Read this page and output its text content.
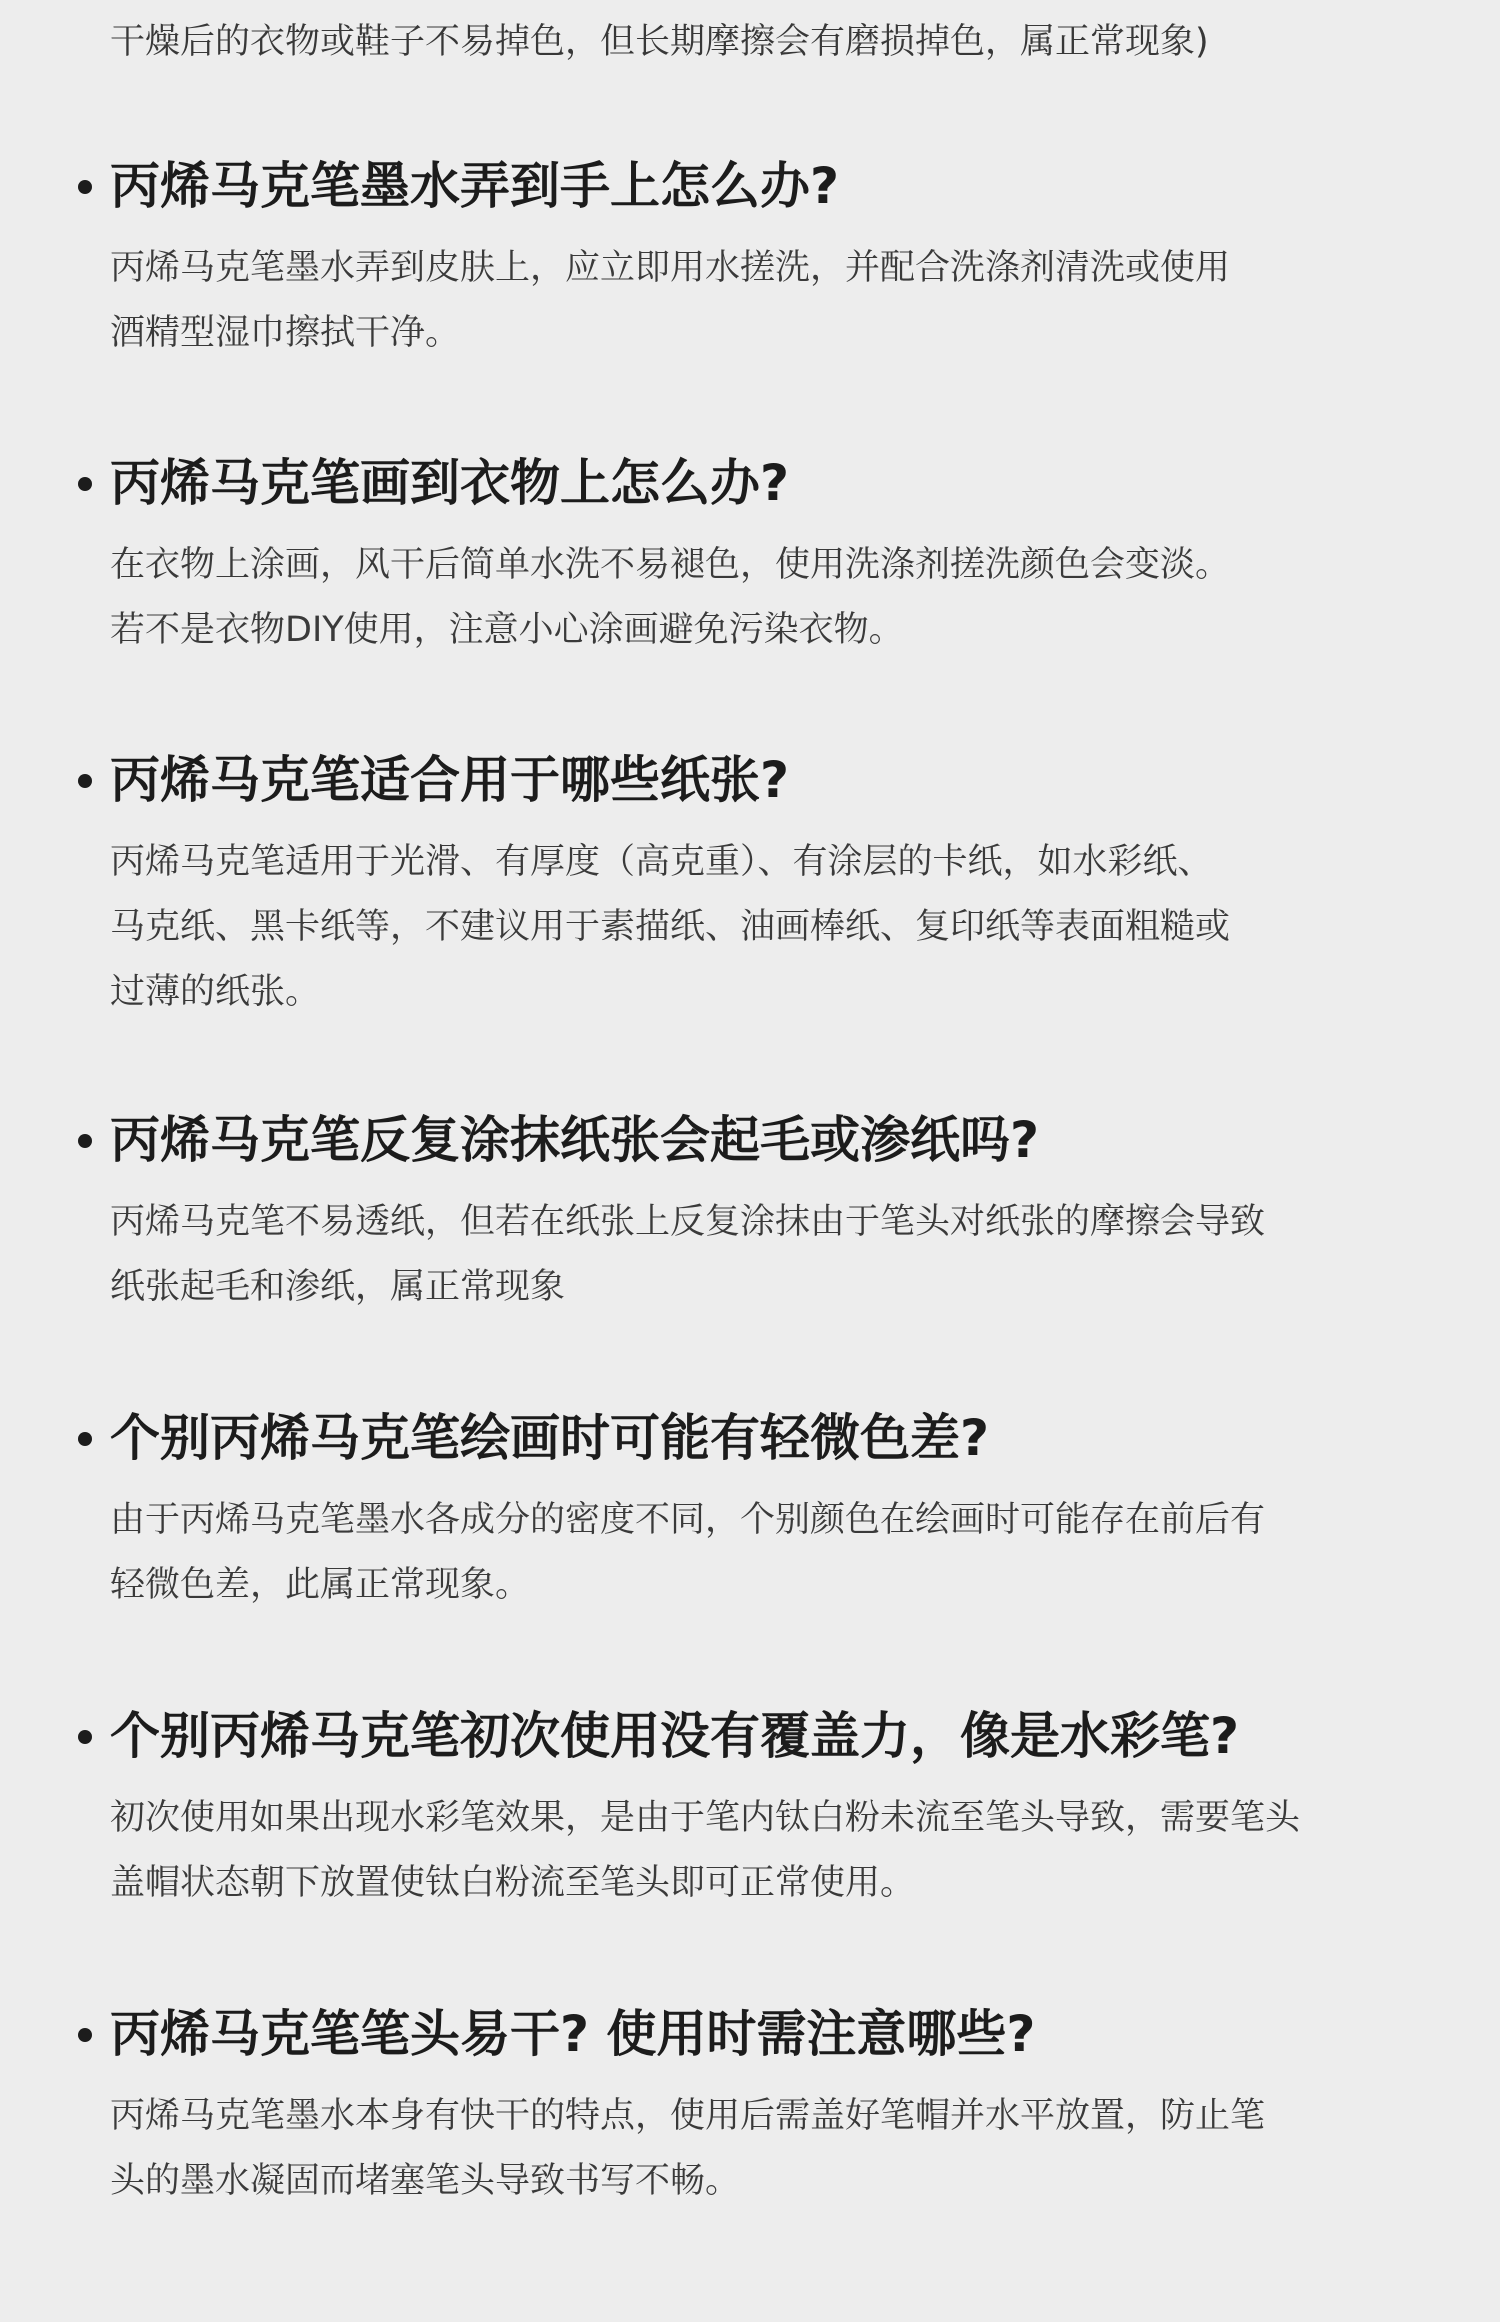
干燥后的衣物或鞋子不易掉色，但长期摩擦会有磨损掉色，属正常现象)
丙烯马克笔墨水弄到手上怎么办?
丙烯马克笔墨水弄到皮肤上，应立即用水搓洗，并配合洗涤剂清洗或使用
酒精型湿巾擦拭干净。
丙烯马克笔画到衣物上怎么办?
在衣物上涂画，风干后简单水洗不易褪色，使用洗涤剂搓洗颜色会变淡。
若不是衣物DIY使用，注意小心涂画避免污染衣物。
丙烯马克笔适合用于哪些纸张?
丙烯马克笔适用于光滑、有厚度（高克重）、有涂层的卡纸，如水彩纸、
马克纸、黑卡纸等，不建议用于素描纸、油画棒纸、复印纸等表面粗糙或
过薄的纸张。
丙烯马克笔反复涂抹纸张会起毛或渗纸吗?
丙烯马克笔不易透纸，但若在纸张上反复涂抹由于笔头对纸张的摩擦会导致
纸张起毛和渗纸，属正常现象
个别丙烯马克笔绘画时可能有轻微色差?
由于丙烯马克笔墨水各成分的密度不同，个别颜色在绘画时可能存在前后有
轻微色差，此属正常现象。
个别丙烯马克笔初次使用没有覆盖力，像是水彩笔?
初次使用如果出现水彩笔效果，是由于笔内钛白粉未流至笔头导致，需要笔头
盖帽状态朝下放置使钛白粉流至笔头即可正常使用。
丙烯马克笔笔头易干? 使用时需注意哪些?
丙烯马克笔墨水本身有快干的特点，使用后需盖好笔帽并水平放置，防止笔
头的墨水凝固而堵塞笔头导致书写不畅。
